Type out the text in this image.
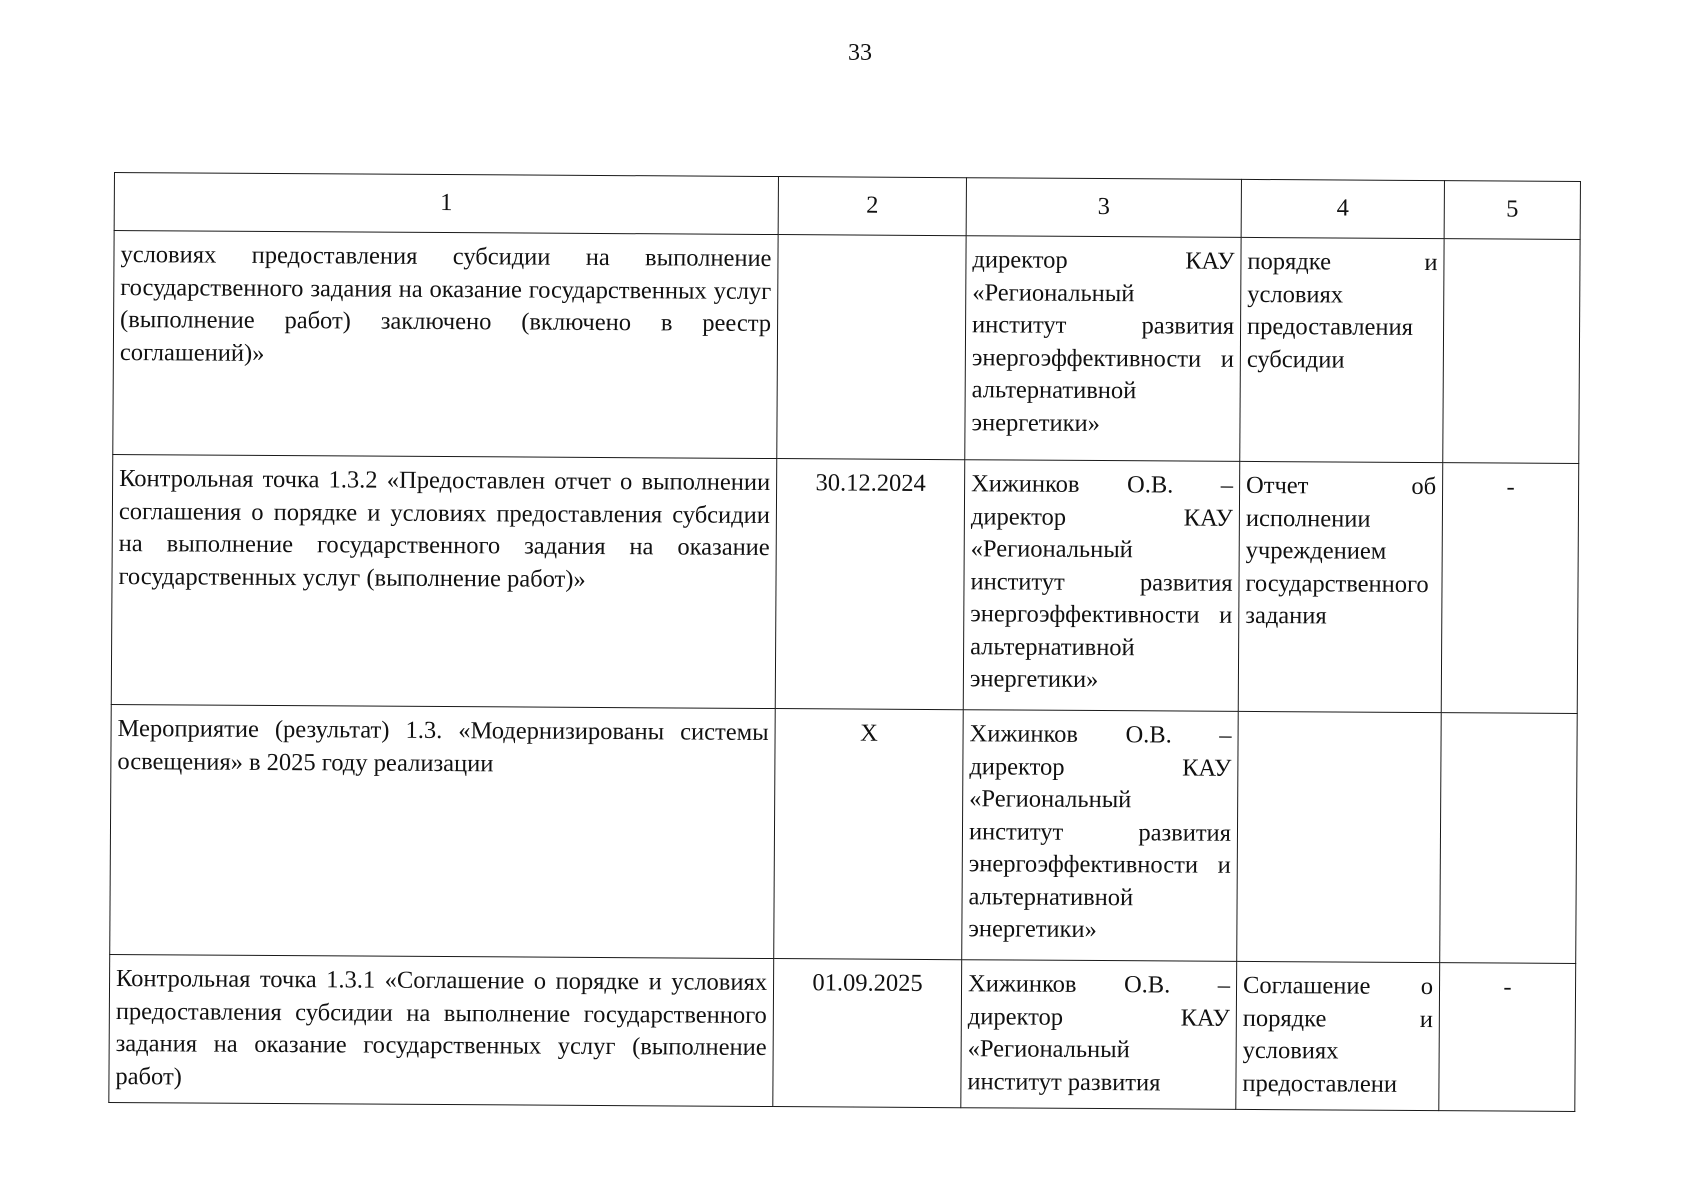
33
1	2	3	4	5
условиях предоставления субсидии на выполнение государственного задания на оказание государственных услуг (выполнение работ) заключено (включено в реестр соглашений)»		директор КАУ «Региональный институт развития энергоэффективности и альтернативной энергетики»	порядке и условиях предоставления субсидии	
Контрольная точка 1.3.2 «Предоставлен отчет о выполнении соглашения о порядке и условиях предоставления субсидии на выполнение государственного задания на оказание государственных услуг (выполнение работ)»	30.12.2024	Хижинков О.В. – директор КАУ «Региональный институт развития энергоэффективности и альтернативной энергетики»	Отчет об исполнении учреждением государственного задания	-
Мероприятие (результат) 1.3. «Модернизированы системы освещения» в 2025 году реализации	X	Хижинков О.В. – директор КАУ «Региональный институт развития энергоэффективности и альтернативной энергетики»		
Контрольная точка 1.3.1 «Соглашение о порядке и условиях предоставления субсидии на выполнение государственного задания на оказание государственных услуг (выполнение работ)	01.09.2025	Хижинков О.В. – директор КАУ «Региональный институт развития	Соглашение о порядке и условиях предоставлени	-
